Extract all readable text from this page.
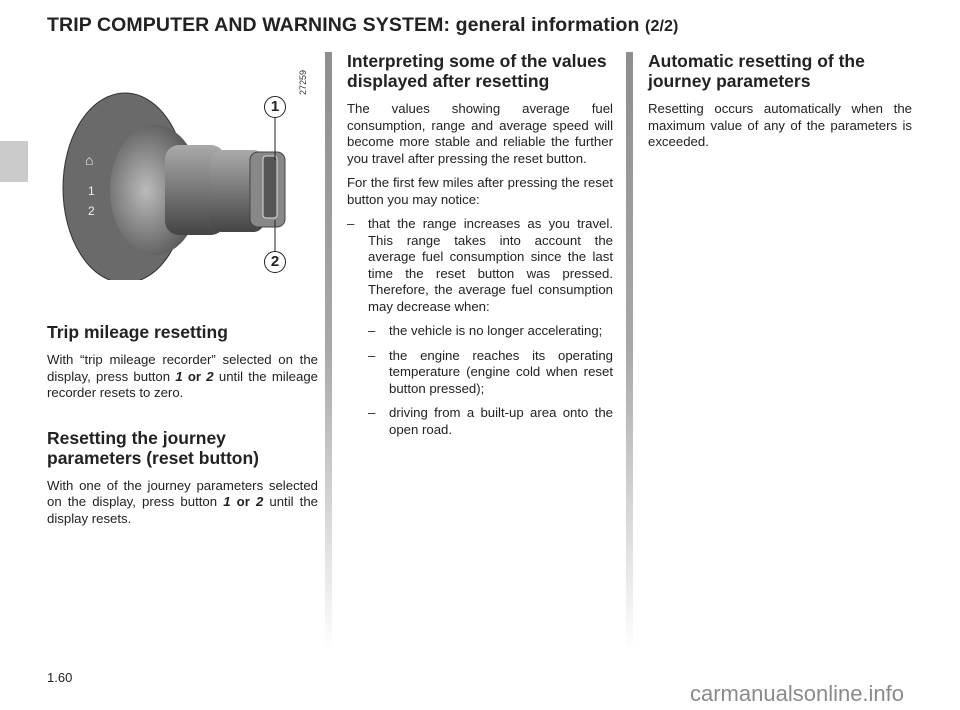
TRIP COMPUTER AND WARNING SYSTEM: general information (2/2)
⌂
1
2
27259
1
2
Trip mileage resetting

With “trip mileage recorder” selected on the display, press button 1 or 2 until the mileage recorder resets to zero.

Resetting the journey parameters (reset button)

With one of the journey parameters selected on the display, press button 1 or 2 until the display resets.

Interpreting some of the values displayed after resetting

The values showing average fuel consumption, range and average speed will become more stable and reliable the further you travel after pressing the reset button.

For the first few miles after pressing the reset button you may notice:

–	that the range increases as you travel. This range takes into account the average fuel consumption since the last time the reset button was pressed. Therefore, the average fuel consumption may decrease when:
–	the vehicle is no longer accelerating;
–	the engine reaches its operating temperature (engine cold when reset button pressed);
–	driving from a built-up area onto the open road.
Automatic resetting of the journey parameters

Resetting occurs automatically when the maximum value of any of the parameters is exceeded.

1.60
carmanualsonline.info
